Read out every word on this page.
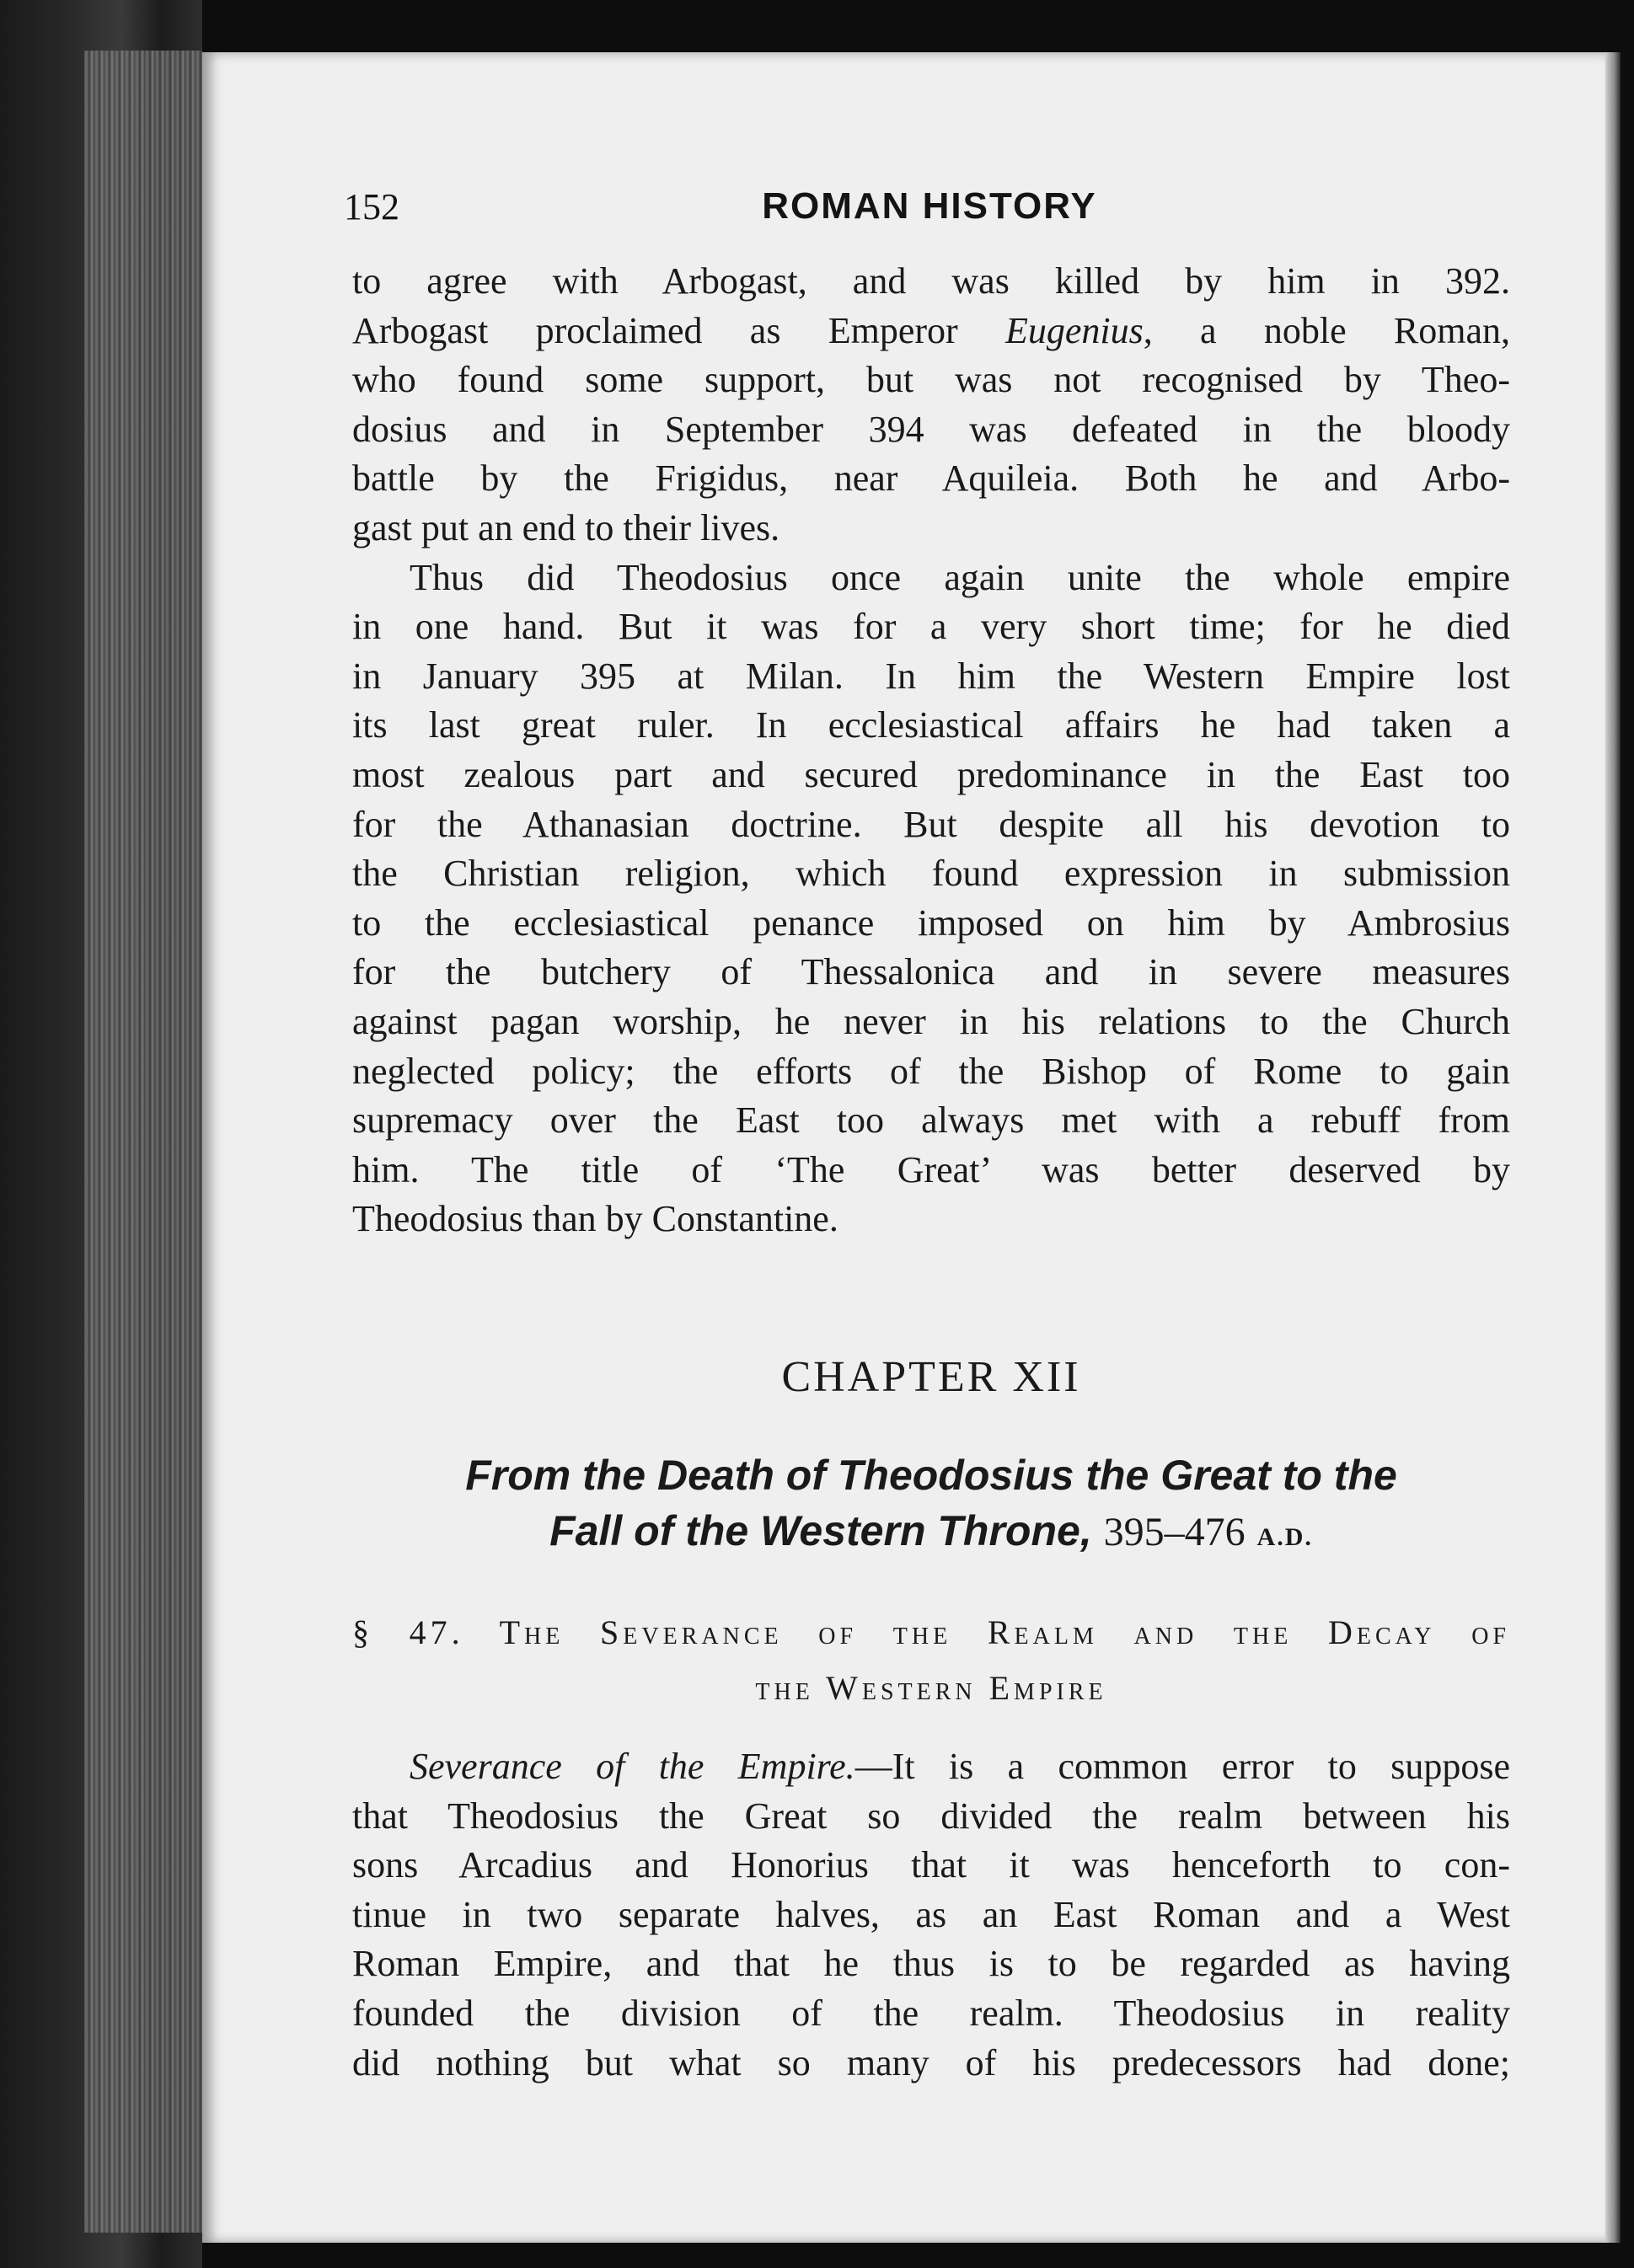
152	ROMAN HISTORY
to agree with Arbogast, and was killed by him in 392.
Arbogast proclaimed as Emperor Eugenius, a noble Roman,
who found some support, but was not recognised by Theo-
dosius and in September 394 was defeated in the bloody
battle by the Frigidus, near Aquileia. Both he and Arbo-
gast put an end to their lives.
Thus did Theodosius once again unite the whole empire
in one hand. But it was for a very short time; for he died
in January 395 at Milan. In him the Western Empire lost
its last great ruler. In ecclesiastical affairs he had taken a
most zealous part and secured predominance in the East too
for the Athanasian doctrine. But despite all his devotion to
the Christian religion, which found expression in submission
to the ecclesiastical penance imposed on him by Ambrosius
for the butchery of Thessalonica and in severe measures
against pagan worship, he never in his relations to the Church
neglected policy; the efforts of the Bishop of Rome to gain
supremacy over the East too always met with a rebuff from
him. The title of ‘The Great’ was better deserved by
Theodosius than by Constantine.
CHAPTER XII
From the Death of Theodosius the Great to the
Fall of the Western Throne, 395–476 A.D.
§ 47. The Severance of the Realm and the Decay of
the Western Empire
Severance of the Empire.—It is a common error to suppose
that Theodosius the Great so divided the realm between his
sons Arcadius and Honorius that it was henceforth to con-
tinue in two separate halves, as an East Roman and a West
Roman Empire, and that he thus is to be regarded as having
founded the division of the realm. Theodosius in reality
did nothing but what so many of his predecessors had done;
